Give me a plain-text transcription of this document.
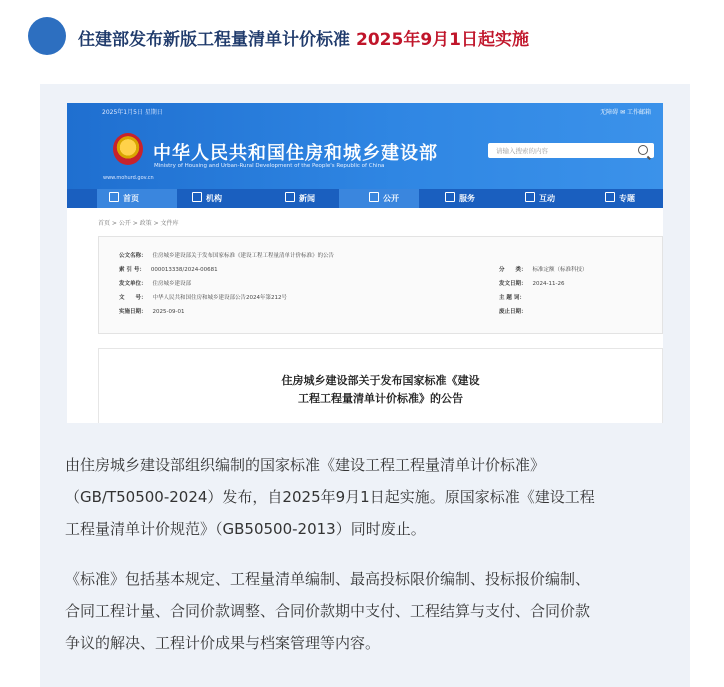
住建部发布新版工程量清单计价标准 2025年9月1日起实施
2025年1月5日 星期日	无障碍 ✉ 工作邮箱
中华人民共和国住房和城乡建设部
Ministry of Housing and Urban-Rural Development of the People's Republic of China
www.mohurd.gov.cn
请输入搜索的内容
首页	机构	新闻	公开	服务	互动	专题
首页 > 公开 > 政策 > 文件库
公文名称： 住房城乡建设部关于发布国家标准《建设工程工程量清单计价标准》的公告
索 引 号： 000013338/2024-00681	分　　类： 标准定额（标准科技）
发文单位： 住房城乡建设部	发文日期： 2024-11-26
文　　号： 中华人民共和国住房和城乡建设部公告2024年第212号	主 题 词：
实施日期： 2025-09-01	废止日期：
住房城乡建设部关于发布国家标准《建设
工程工程量清单计价标准》的公告
由住房城乡建设部组织编制的国家标准《建设工程工程量清单计价标准》
（GB/T50500-2024）发布，自2025年9月1日起实施。原国家标准《建设工程
工程量清单计价规范》（GB50500-2013）同时废止。
《标准》包括基本规定、工程量清单编制、最高投标限价编制、投标报价编制、
合同工程计量、合同价款调整、合同价款期中支付、工程结算与支付、合同价款
争议的解决、工程计价成果与档案管理等内容。
